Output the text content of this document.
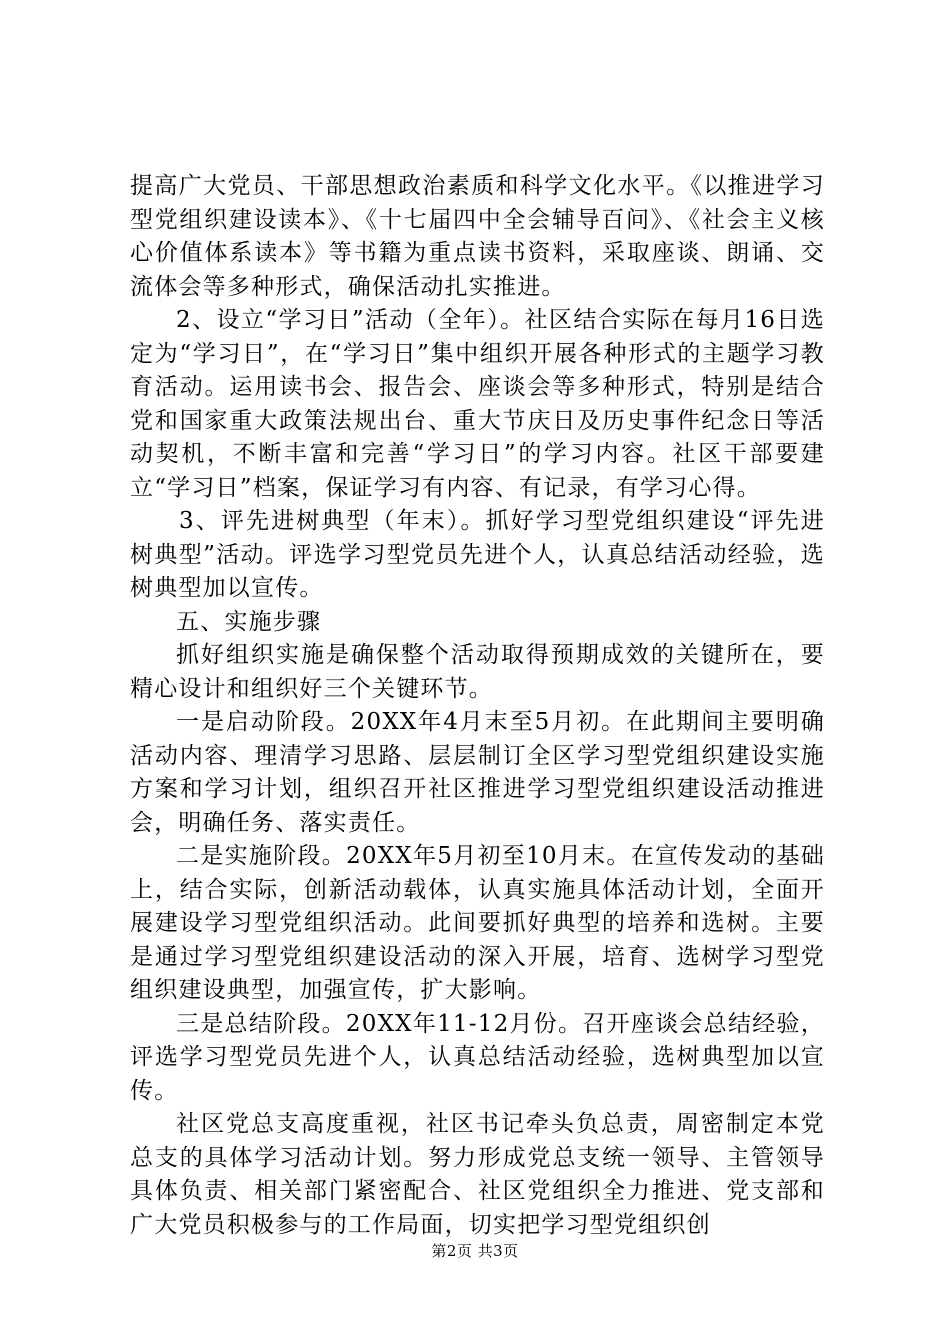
提高广大党员、干部思想政治素质和科学文化水平。《以推进学习型党组织建设读本》、《十七届四中全会辅导百问》、《社会主义核心价值体系读本》等书籍为重点读书资料，采取座谈、朗诵、交流体会等多种形式，确保活动扎实推进。

2、设立“学习日”活动（全年）。社区结合实际在每月16日选定为“学习日”，在“学习日”集中组织开展各种形式的主题学习教育活动。运用读书会、报告会、座谈会等多种形式，特别是结合党和国家重大政策法规出台、重大节庆日及历史事件纪念日等活动契机，不断丰富和完善“学习日”的学习内容。社区干部要建立“学习日”档案，保证学习有内容、有记录，有学习心得。

3、评先进树典型（年末）。抓好学习型党组织建设“评先进树典型”活动。评选学习型党员先进个人，认真总结活动经验，选树典型加以宣传。

五、实施步骤

抓好组织实施是确保整个活动取得预期成效的关键所在，要精心设计和组织好三个关键环节。

一是启动阶段。20XX年4月末至5月初。在此期间主要明确活动内容、理清学习思路、层层制订全区学习型党组织建设实施方案和学习计划，组织召开社区推进学习型党组织建设活动推进会，明确任务、落实责任。

二是实施阶段。20XX年5月初至10月末。在宣传发动的基础上，结合实际，创新活动载体，认真实施具体活动计划，全面开展建设学习型党组织活动。此间要抓好典型的培养和选树。主要是通过学习型党组织建设活动的深入开展，培育、选树学习型党组织建设典型，加强宣传，扩大影响。

三是总结阶段。20XX年11-12月份。召开座谈会总结经验，评选学习型党员先进个人，认真总结活动经验，选树典型加以宣传。

社区党总支高度重视，社区书记牵头负总责，周密制定本党总支的具体学习活动计划。努力形成党总支统一领导、主管领导具体负责、相关部门紧密配合、社区党组织全力推进、党支部和广大党员积极参与的工作局面，切实把学习型党组织创

第2页 共3页
